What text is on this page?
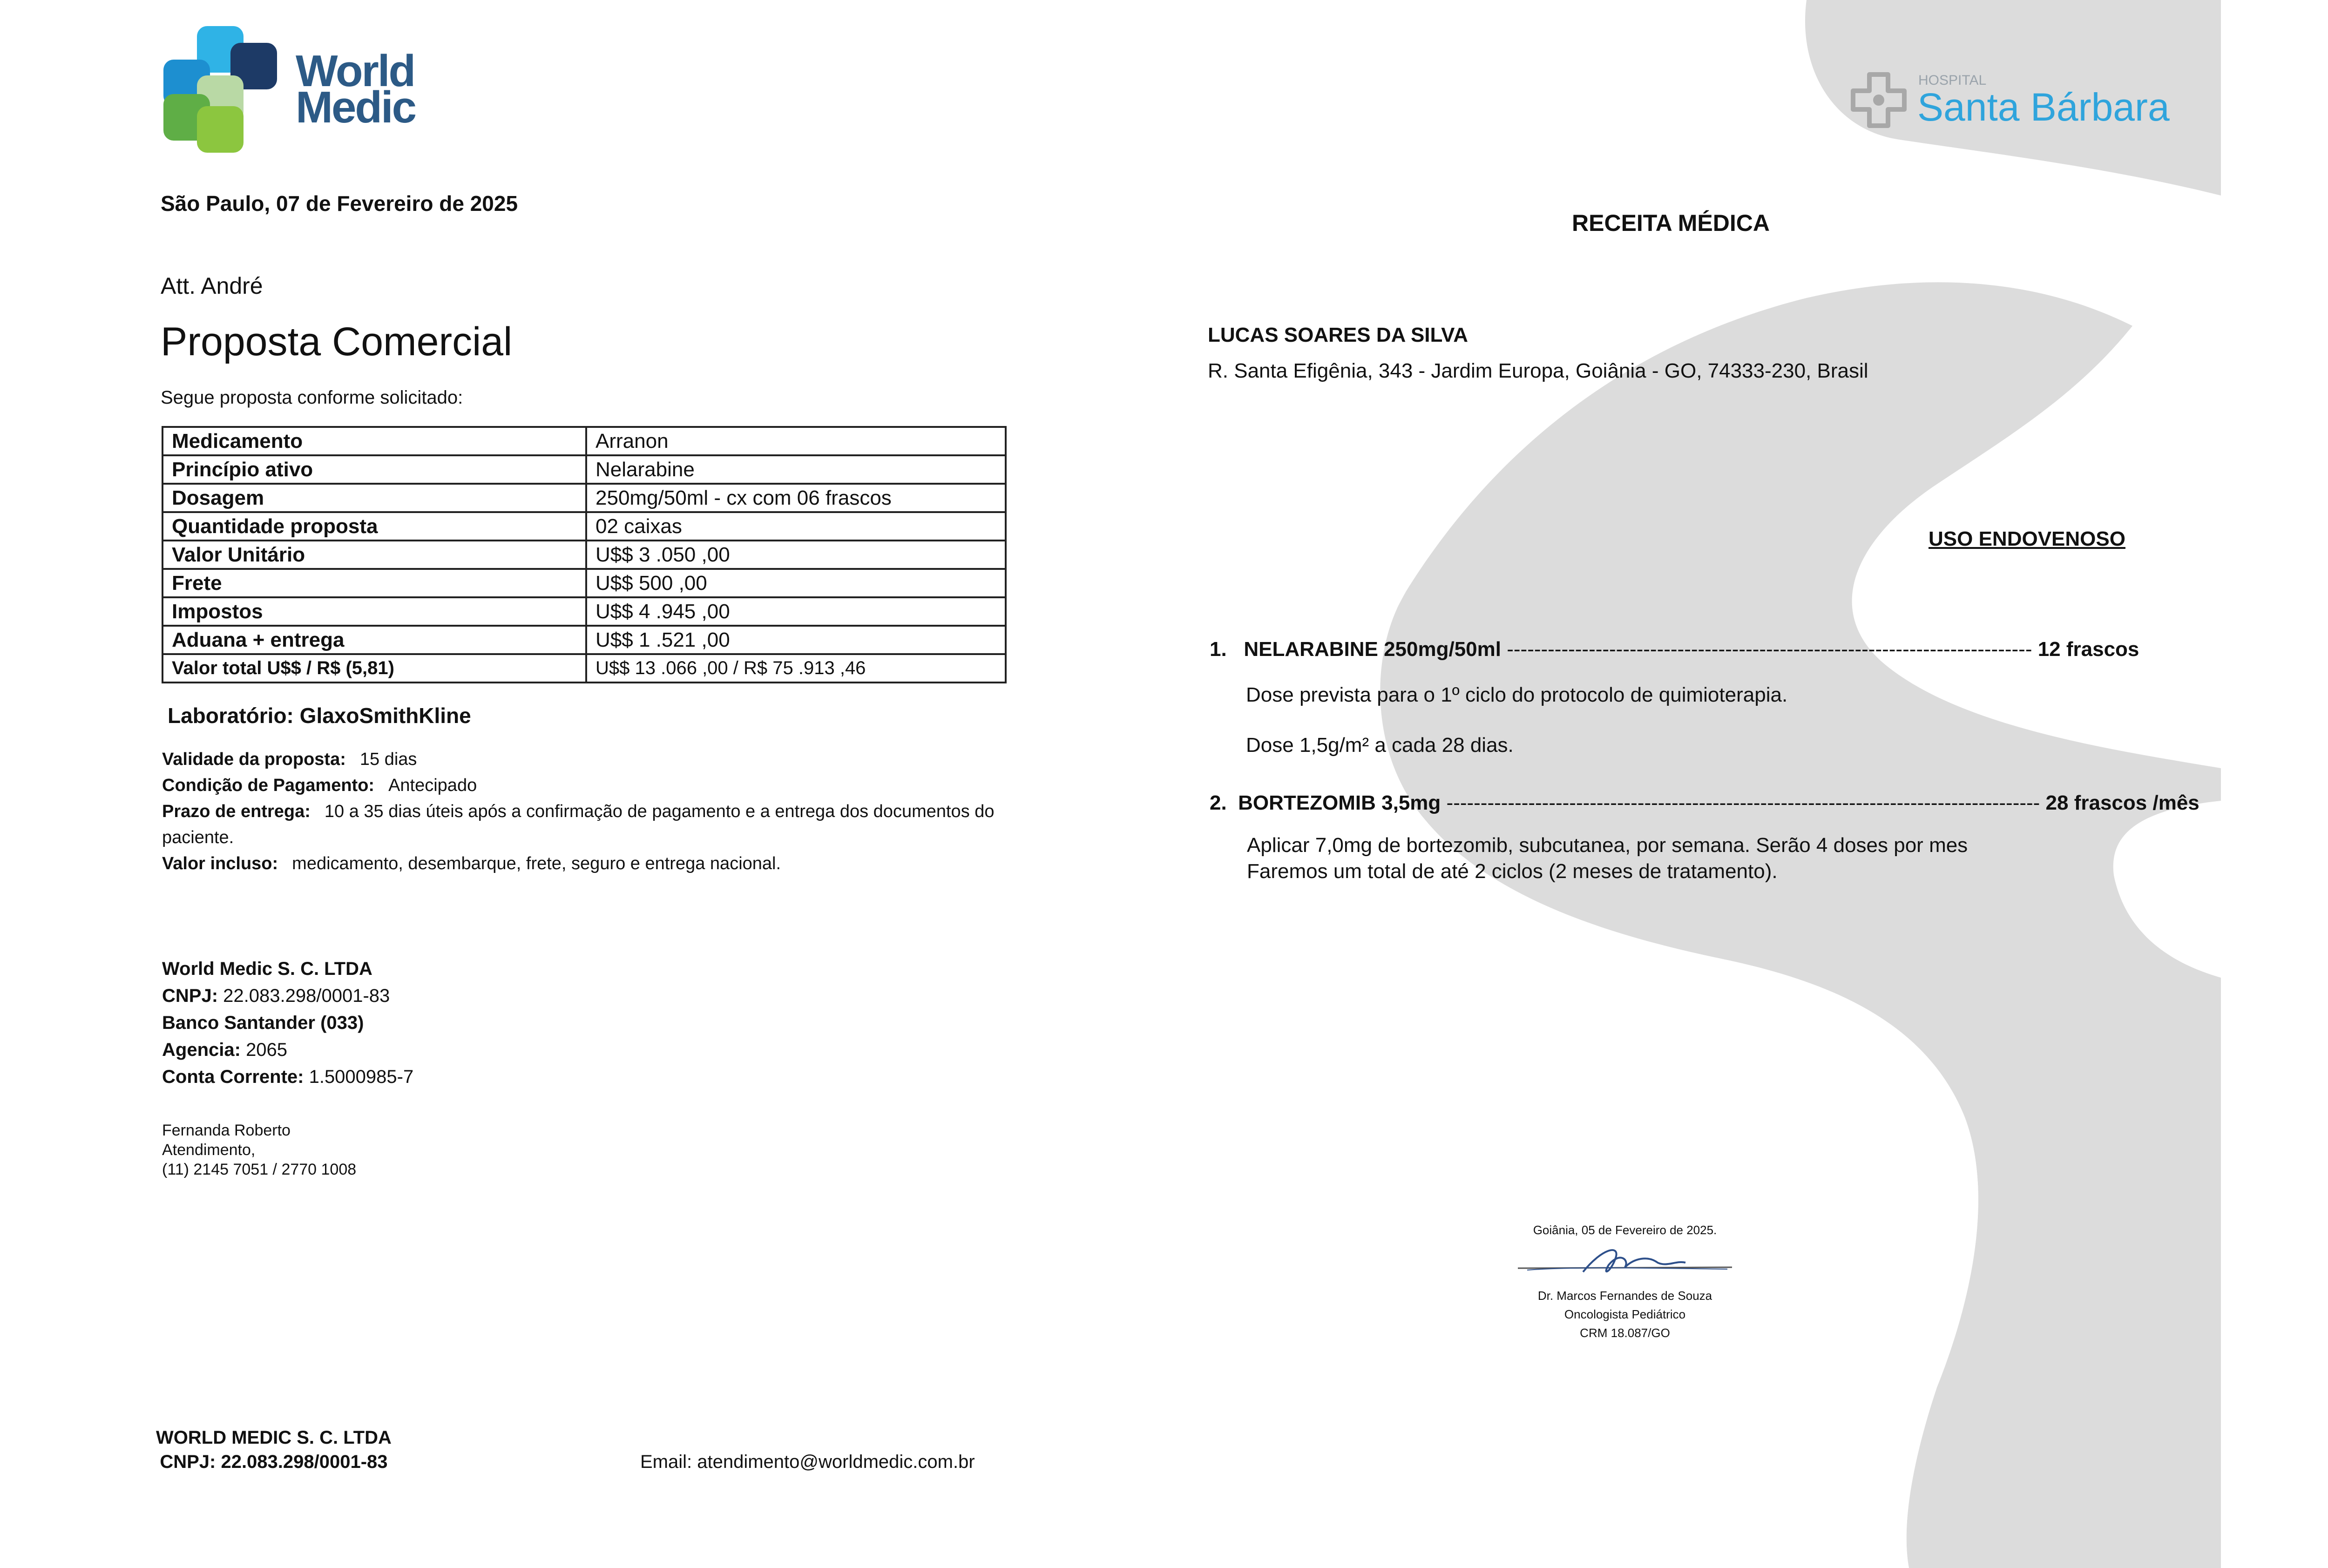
World
Medic
São Paulo, 07 de Fevereiro de 2025
Att. André
Proposta Comercial
Segue proposta conforme solicitado:
Medicamento	Arranon
Princípio ativo	Nelarabine
Dosagem	250mg/50ml - cx com 06 frascos
Quantidade proposta	02 caixas
Valor Unitário	U$$ 3 .050 ,00
Frete	U$$ 500 ,00
Impostos	U$$ 4 .945 ,00
Aduana + entrega	U$$ 1 .521 ,00
Valor total U$$ / R$ (5,81)	U$$ 13 .066 ,00 / R$ 75 .913 ,46
Laboratório: GlaxoSmithKline
Validade da proposta: 15 dias
Condição de Pagamento: Antecipado
Prazo de entrega: 10 a 35 dias úteis após a confirmação de pagamento e a entrega dos documentos do paciente.
Valor incluso: medicamento, desembarque, frete, seguro e entrega nacional.
World Medic S. C. LTDA
CNPJ: 22.083.298/0001-83
Banco Santander (033)
Agencia: 2065
Conta Corrente: 1.5000985-7
Fernanda Roberto
Atendimento,
(11) 2145 7051 / 2770 1008
WORLD MEDIC S. C. LTDA
CNPJ: 22.083.298/0001-83	Email: atendimento@worldmedic.com.br
HOSPITAL
Santa Bárbara
RECEITA MÉDICA
LUCAS SOARES DA SILVA
R. Santa Efigênia, 343 - Jardim Europa, Goiânia - GO, 74333-230, Brasil
USO ENDOVENOSO
1. NELARABINE 250mg/50ml ----------------------------------------------------------------------------- 12 frascos
Dose prevista para o 1º ciclo do protocolo de quimioterapia.
Dose 1,5g/m² a cada 28 dias.
2. BORTEZOMIB 3,5mg --------------------------------------------------------------------------------------- 28 frascos /mês
Aplicar 7,0mg de bortezomib, subcutanea, por semana. Serão 4 doses por mes
Faremos um total de até 2 ciclos (2 meses de tratamento).
Goiânia, 05 de Fevereiro de 2025.
Dr. Marcos Fernandes de Souza
Oncologista Pediátrico
CRM 18.087/GO
